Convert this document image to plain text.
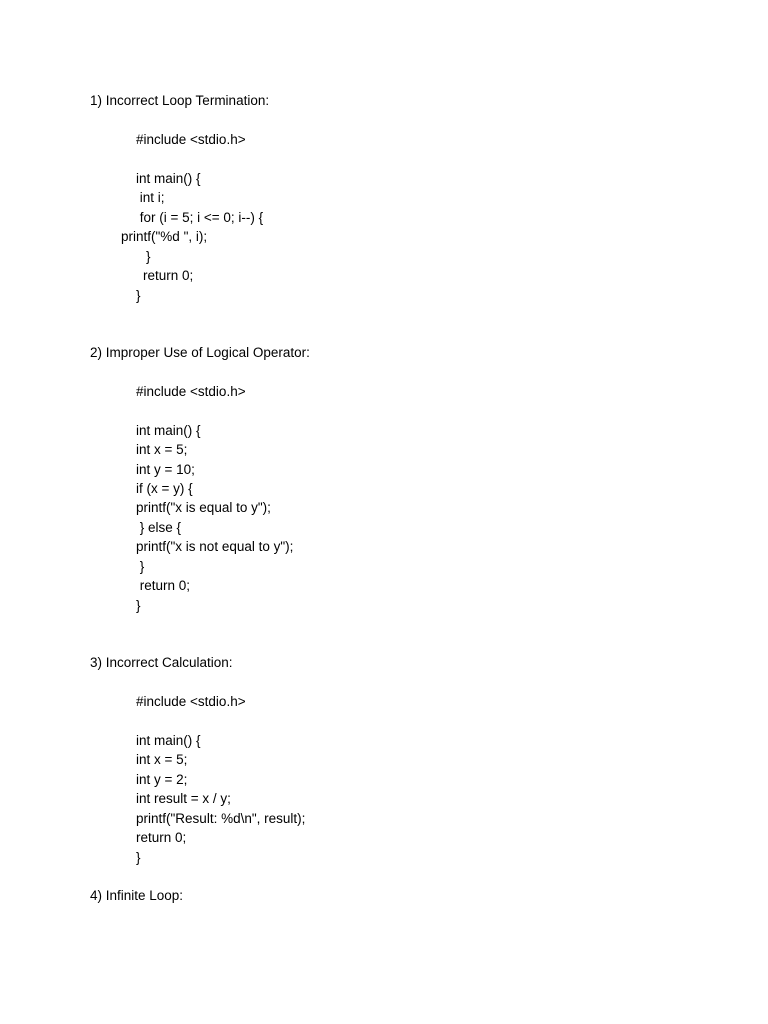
1) Incorrect Loop Termination:
#include <stdio.h>
int main() {
int i;
for (i = 5; i <= 0; i--) {
printf("%d ", i);
}
return 0;
}
2) Improper Use of Logical Operator:
#include <stdio.h>
int main() {
int x = 5;
int y = 10;
if (x = y) {
printf("x is equal to y");
} else {
printf("x is not equal to y");
}
return 0;
}
3) Incorrect Calculation:
#include <stdio.h>
int main() {
int x = 5;
int y = 2;
int result = x / y;
printf("Result: %d\n", result);
return 0;
}
4) Infinite Loop:
